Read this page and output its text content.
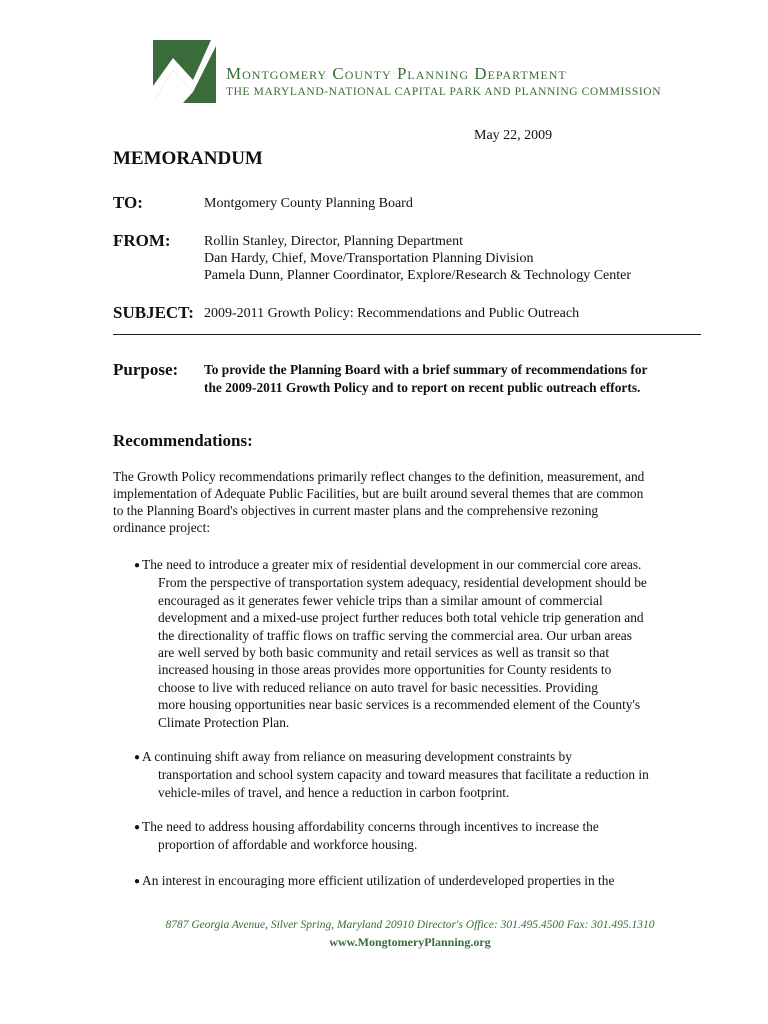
Montgomery County Planning Department
THE MARYLAND-NATIONAL CAPITAL PARK AND PLANNING COMMISSION
May 22, 2009
MEMORANDUM
TO:	Montgomery County Planning Board
FROM: Rollin Stanley, Director, Planning Department
Dan Hardy, Chief, Move/Transportation Planning Division
Pamela Dunn, Planner Coordinator, Explore/Research & Technology Center
SUBJECT: 2009-2011 Growth Policy: Recommendations and Public Outreach
Purpose: To provide the Planning Board with a brief summary of recommendations for
the 2009-2011 Growth Policy and to report on recent public outreach efforts.
Recommendations:
The Growth Policy recommendations primarily reflect changes to the definition, measurement, and
implementation of Adequate Public Facilities, but are built around several themes that are common
to the Planning Board's objectives in current master plans and the comprehensive rezoning
ordinance project:
● The need to introduce a greater mix of residential development in our commercial core areas.
From the perspective of transportation system adequacy, residential development should be
encouraged as it generates fewer vehicle trips than a similar amount of commercial
development and a mixed-use project further reduces both total vehicle trip generation and
the directionality of traffic flows on traffic serving the commercial area. Our urban areas
are well served by both basic community and retail services as well as transit so that
increased housing in those areas provides more opportunities for County residents to
choose to live with reduced reliance on auto travel for basic necessities. Providing
more housing opportunities near basic services is a recommended element of the County's
Climate Protection Plan.
● A continuing shift away from reliance on measuring development constraints by
transportation and school system capacity and toward measures that facilitate a reduction in
vehicle-miles of travel, and hence a reduction in carbon footprint.
● The need to address housing affordability concerns through incentives to increase the
proportion of affordable and workforce housing.
● An interest in encouraging more efficient utilization of underdeveloped properties in the
8787 Georgia Avenue, Silver Spring, Maryland 20910 Director's Office: 301.495.4500 Fax: 301.495.1310
www.MongtomeryPlanning.org
